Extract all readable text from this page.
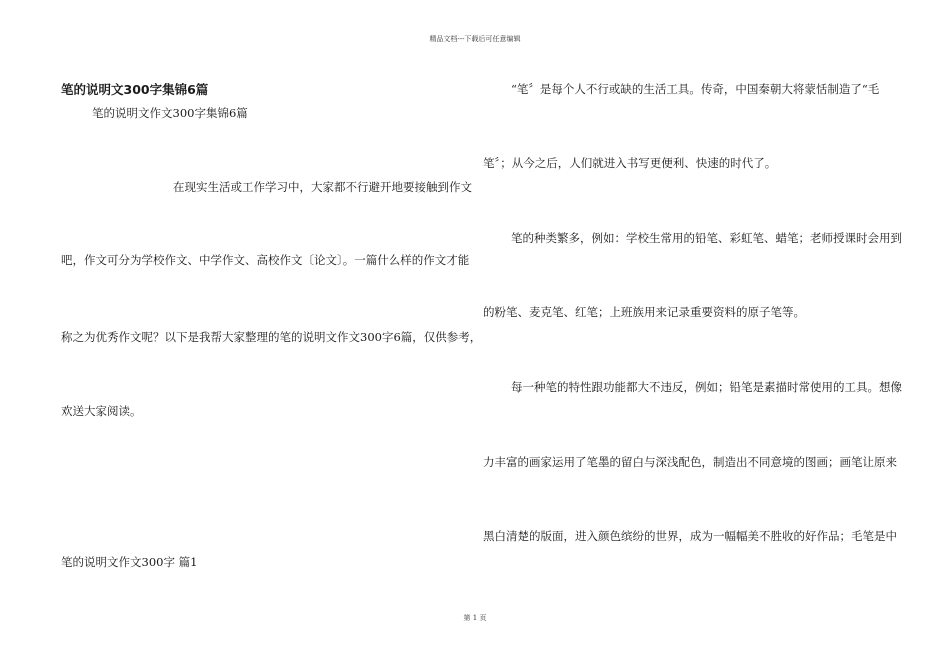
精品文档---下载后可任意编辑
笔的说明文300字集锦6篇
笔的说明文作文300字集锦6篇
在现实生活或工作学习中，大家都不行避开地要接触到作文
吧，作文可分为学校作文、中学作文、高校作文〔论文〕。一篇什么样的作文才能
称之为优秀作文呢？以下是我帮大家整理的笔的说明文作文300字6篇，仅供参考，
欢送大家阅读。
笔的说明文作文300字 篇1
“笔〞是每个人不行或缺的生活工具。传奇，中国秦朝大将蒙恬制造了“毛
笔〞；从今之后，人们就进入书写更便利、快速的时代了。
笔的种类繁多，例如：学校生常用的铅笔、彩虹笔、蜡笔；老师授课时会用到
的粉笔、麦克笔、红笔；上班族用来记录重要资料的原子笔等。
每一种笔的特性跟功能都大不违反，例如；铅笔是素描时常使用的工具。想像
力丰富的画家运用了笔墨的留白与深浅配色，制造出不同意境的图画；画笔让原来
黑白清楚的版面，进入颜色缤纷的世界，成为一幅幅美不胜收的好作品；毛笔是中
第 1 页
